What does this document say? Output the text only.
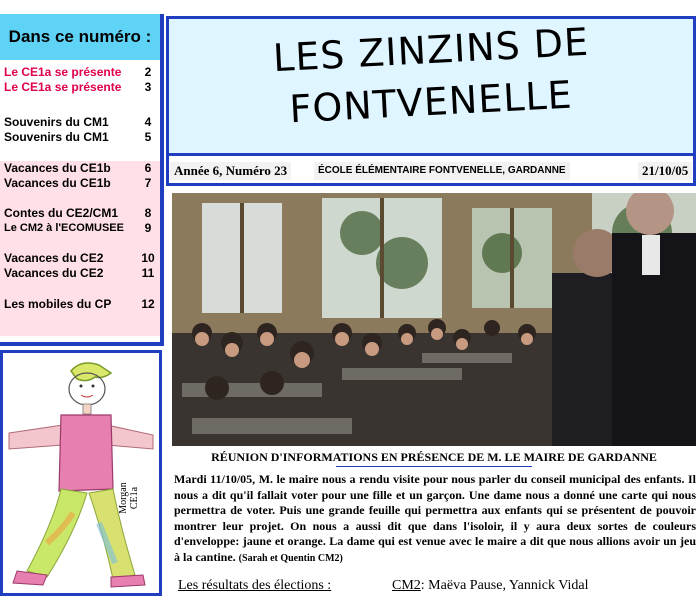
Dans ce numéro :
Le CE1a se présente	2
Le CE1a se présente	3
Souvenirs du CM1	4
Souvenirs du CM1	5
Vacances du CE1b	6
Vacances du CE1b	7
Contes du CE2/CM1	8
Le CM2 à l'ECOMUSEE	9
Vacances du CE2	10
Vacances du CE2	11
Les mobiles du CP 12
Morgan CE1a
LES ZINZINS DE
FONTVENELLE
Année 6, Numéro 23	ÉCOLE ÉLÉMENTAIRE FONTVENELLE, GARDANNE	21/10/05
RÉUNION D'INFORMATIONS EN PRÉSENCE DE M. LE MAIRE DE GARDANNE
Mardi 11/10/05, M. le maire nous a rendu visite pour nous parler du conseil municipal des enfants. Il nous a dit qu'il fallait voter pour une fille et un garçon. Une dame nous a donné une carte qui nous permettra de voter. Puis une grande feuille qui permettra aux enfants qui se présentent de pouvoir montrer leur projet. On nous a aussi dit que dans l'isoloir, il y aura deux sortes de couleurs d'enveloppe: jaune et orange. La dame qui est venue avec le maire a dit que nous allions avoir un jeu à la cantine. (Sarah et Quentin CM2)
Les résultats des élections :	CM2: Maëva Pause, Yannick Vidal
